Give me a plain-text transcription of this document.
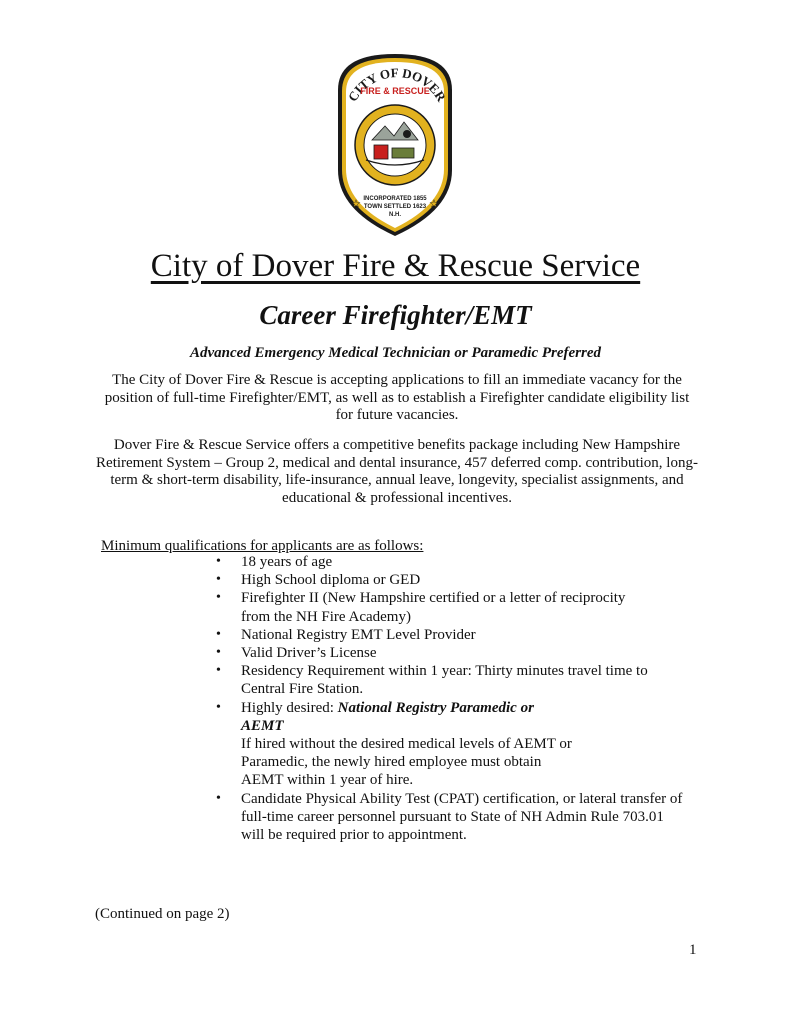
CITY OF DOVER
FIRE & RESCUE
INCORPORATED 1855
TOWN SETTLED 1623
N.H.
★	★
City of Dover Fire & Rescue Service
Career Firefighter/EMT
Advanced Emergency Medical Technician or Paramedic Preferred
The City of Dover Fire & Rescue is accepting applications to fill an immediate vacancy for the position of full-time Firefighter/EMT, as well as to establish a Firefighter candidate eligibility list for future vacancies.
Dover Fire & Rescue Service offers a competitive benefits package including New Hampshire Retirement System – Group 2, medical and dental insurance, 457 deferred comp. contribution, long-term & short-term disability, life-insurance, annual leave, longevity, specialist assignments, and educational & professional incentives.
Minimum qualifications for applicants are as follows:
• 18 years of age
• High School diploma or GED
• Firefighter II (New Hampshire certified or a letter of reciprocity from the NH Fire Academy)
• National Registry EMT Level Provider
• Valid Driver’s License
• Residency Requirement within 1 year: Thirty minutes travel time to Central Fire Station.
• Highly desired: National Registry Paramedic or AEMT
If hired without the desired medical levels of AEMT or Paramedic, the newly hired employee must obtain AEMT within 1 year of hire.
• Candidate Physical Ability Test (CPAT) certification, or lateral transfer of full-time career personnel pursuant to State of NH Admin Rule 703.01 will be required prior to appointment.
(Continued on page 2)
1
